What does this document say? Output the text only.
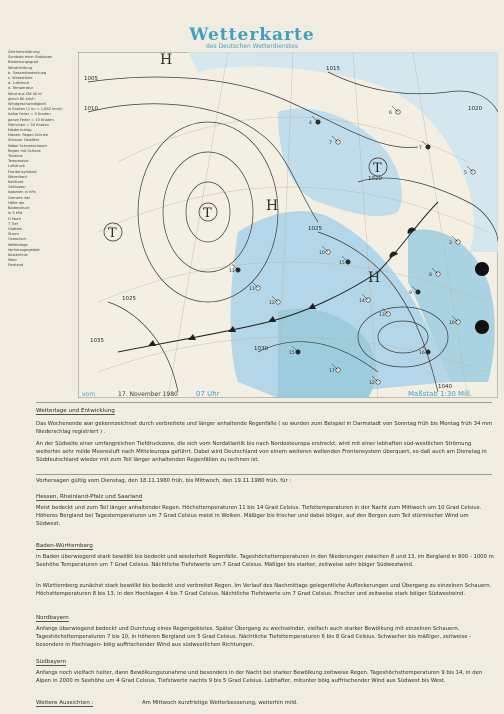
Wetterkarte
des Deutschen Wetterdienstes
Zeichenerklärung
Symbole einer Stationen
Bedeckungsgrad
Windrichtung
b. Gesamtbedeckung
c. Windstärke
d. Luftdruck
e. Temperatur
Wind aus SW 40 kt
gleich 80 km/h
Windgeschwindigkeit
in Knoten (1 kn = 1,852 km/h)
halbe Feder = 5 Knoten
ganze Feder = 10 Knoten
Fähnchen = 50 Knoten
Niederschlag
Nieselr. Regen Schnee
Schauer Gewitter
Nebel Schneeschauer
Regen mit Schnee
Tendenz
Temperatur
Luftdruck
Frontensymbole
Warmfront
Kaltfront
Okklusion
Isobaren in hPa
Grenzen der
Höhe der
Bodendruck
in 5 hPa
H Hoch
T Tief
Glatteis
Sturm
Ozeanisch
Wetterlage
Vorhersagegebiet
Küstenlinie
Meer
Festland
13
11
12
4
7
10
15
14
13
9
8
3
15
17
12
16
10
5
7
6
H
H
H
T
T
T
1005
1010
1015
1020
1025
1030
1035
1040
1020
1025
vom	17. November 1980	07 Uhr	Maßstab 1:30 Mill.
Wetterlage und Entwicklung
Das Wochenende war gekennzeichnet durch verbreitete und länger anhaltende Regenfälle ( so wurden zum Beispiel in Darmstadt von Sonntag früh bis Montag früh 34 mm Niederschlag registriert ) .
An der Südseite einer umfangreichen Tiefdruckzone, die sich vom Nordatlantik bis nach Nordosteuropa erstreckt, wird mit einer lebhaften süd-westlichen Strömung weiterhin sehr milde Meeresluft nach Mitteleuropa geführt. Dabei wird Deutschland von einem weiteren wellenden Frontensystem überquert, so daß auch am Dienstag in Süddeutschland wieder mit zum Teil länger anhaltenden Regenfällen zu rechnen ist.
Vorhersagen gültig vom Dienstag, den 18.11.1980 früh, bis Mittwoch, den 19.11.1980 früh, für :
Hessen, Rheinland-Pfalz und Saarland
Meist bedeckt und zum Teil länger anhaltender Regen. Höchsttemperaturen 11 bis 14 Grad Celsius. Tiefsttemperaturen in der Nacht zum Mittwoch um 10 Grad Celsius. Höheres Bergland bei Tagestemperaturen um 7 Grad Celsius meist in Wolken. Mäßiger bis frischer und dabei böiger, auf den Bergen zum Teil stürmischer Wind um Südwest.
Baden-Württemberg
In Baden überwiegend stark bewölkt bis bedeckt und wiederholt Regenfälle. Tageshöchsttemperaturen in den Niederungen zwischen 8 und 13, im Bergland in 800 - 1000 m Seehöhe Temperaturen um 7 Grad Celsius. Nächtliche Tiefstwerte um 7 Grad Celsius. Mäßiger bis starker, zeitweise sehr böiger Südwestwind.
In Württemberg zunächst stark bewölkt bis bedeckt und verbreitet Regen. Im Verlauf des Nachmittags gelegentliche Auflockerungen und Übergang zu einzelnen Schauern. Höchsttemperaturen 8 bis 13, in den Hochlagen 4 bis 7 Grad Celsius. Nächtliche Tiefstwerte um 7 Grad Celsius. Frischer und zeitweise stark böiger Südwestwind.
Nordbayern
Anfangs überwiegend bedeckt und Durchzug eines Regengebietes. Später Übergang zu wechselnder, vielfach auch starker Bewölkung mit einzelnen Schauern. Tageshöchsttemperaturen 7 bis 10, in höheren Bergland um 5 Grad Celsius. Nächtliche Tiefsttemperaturen 6 bis 8 Grad Celsius. Schwacher bis mäßiger, zeitweise -besonders in Hochlagen- böig auffrischender Wind aus südwestlichen Richtungen.
Südbayern
Anfangs noch vielfach heiter, dann Bewölkungszunahme und besonders in der Nacht bei starker Bewölkung zeitweise Regen. Tageshöchsttemperaturen 9 bis 14, in den Alpen in 2000 m Seehöhe um 4 Grad Celsius. Tiefstwerte nachts 9 bis 5 Grad Celsius. Lebhafter, mitunter böig auffrischender Wind aus Südwest bis West.
Weitere Aussichten :	Am Mittwoch kurzfristige Wetterbesserung, weiterhin mild.
